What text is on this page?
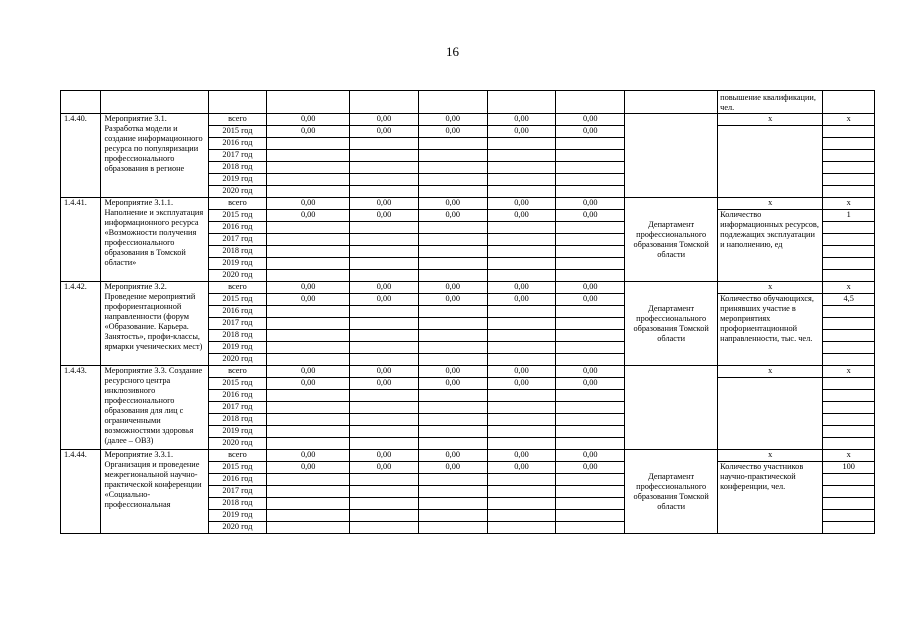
16
									повышение квалификации, чел.	
1.4.40.	Мероприятие 3.1. Разработка модели и создание информационного ресурса по популяризации профессионального образования в регионе	всего	0,00	0,00	0,00	0,00	0,00		х	х
		2015 год	0,00	0,00	0,00	0,00	0,00			
		2016 год								
		2017 год								
		2018 год								
		2019 год								
		2020 год								
1.4.41.	Мероприятие 3.1.1. Наполнение и эксплуатация информационного ресурса «Возможности получения профессионального образования в Томской области»	всего	0,00	0,00	0,00	0,00	0,00	Департамент профессионального образования Томской области	х	х
		2015 год	0,00	0,00	0,00	0,00	0,00		Количество информационных ресурсов, подлежащих эксплуатации и наполнению, ед	1
		2016 год								
		2017 год								
		2018 год								
		2019 год								
		2020 год								
1.4.42.	Мероприятие 3.2. Проведение мероприятий профориентационной направленности (форум «Образование. Карьера. Занятость», профи-классы, ярмарки ученических мест)	всего	0,00	0,00	0,00	0,00	0,00	Департамент профессионального образования Томской области	х	х
		2015 год	0,00	0,00	0,00	0,00	0,00		Количество обучающихся, принявших участие в мероприятиях профориентационной направленности, тыс. чел.	4,5
		2016 год								
		2017 год								
		2018 год								
		2019 год								
		2020 год								
1.4.43.	Мероприятие 3.3. Создание ресурсного центра инклюзивного профессионального образования для лиц с ограниченными возможностями здоровья (далее – ОВЗ)	всего	0,00	0,00	0,00	0,00	0,00		х	х
		2015 год	0,00	0,00	0,00	0,00	0,00			
		2016 год								
		2017 год								
		2018 год								
		2019 год								
		2020 год								
1.4.44.	Мероприятие 3.3.1. Организация и проведение межрегиональной научно-практической конференции «Социально-профессиональная	всего	0,00	0,00	0,00	0,00	0,00	Департамент профессионального образования Томской области	х	х
		2015 год	0,00	0,00	0,00	0,00	0,00		Количество участников научно-практической конференции, чел.	100
		2016 год								
		2017 год								
		2018 год								
		2019 год								
		2020 год								
